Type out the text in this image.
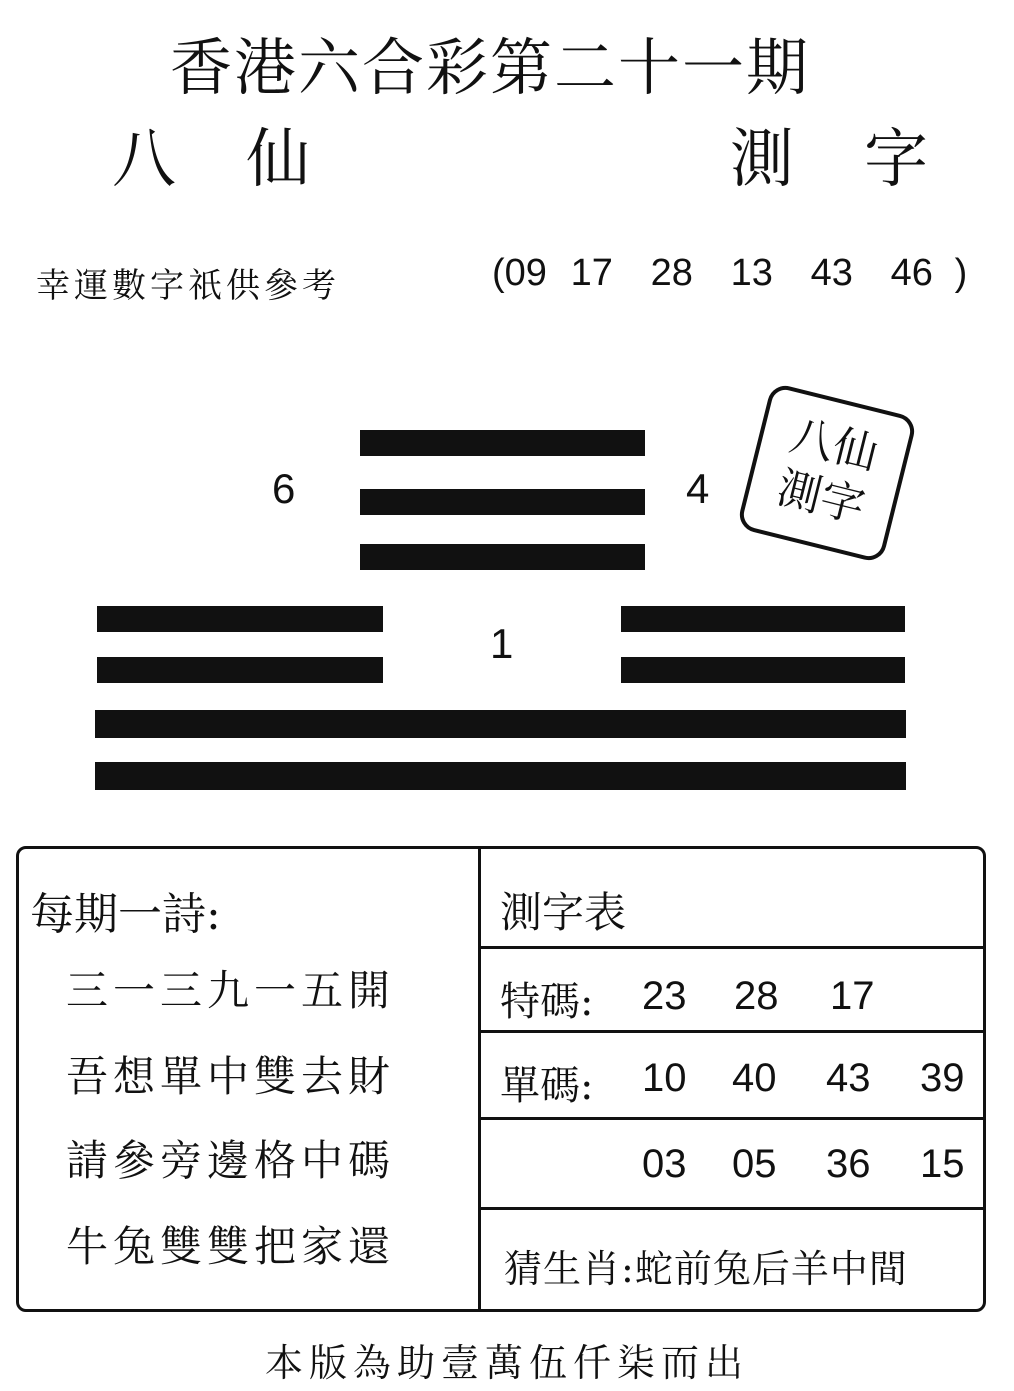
香港六合彩第二十一期
八仙	測字
幸運數字祇供參考	(09 17 28 13 43 46 )
6	4
八仙
測字
1
每期一詩:
三一三九一五開
吾想單中雙去財
請參旁邊格中碼
牛兔雙雙把家還
測字表
特碼: 23 28 17
單碼: 10 40 43 39
03 05 36 15
猜生肖:蛇前兔后羊中間
本版為助壹萬伍仟柒而出
